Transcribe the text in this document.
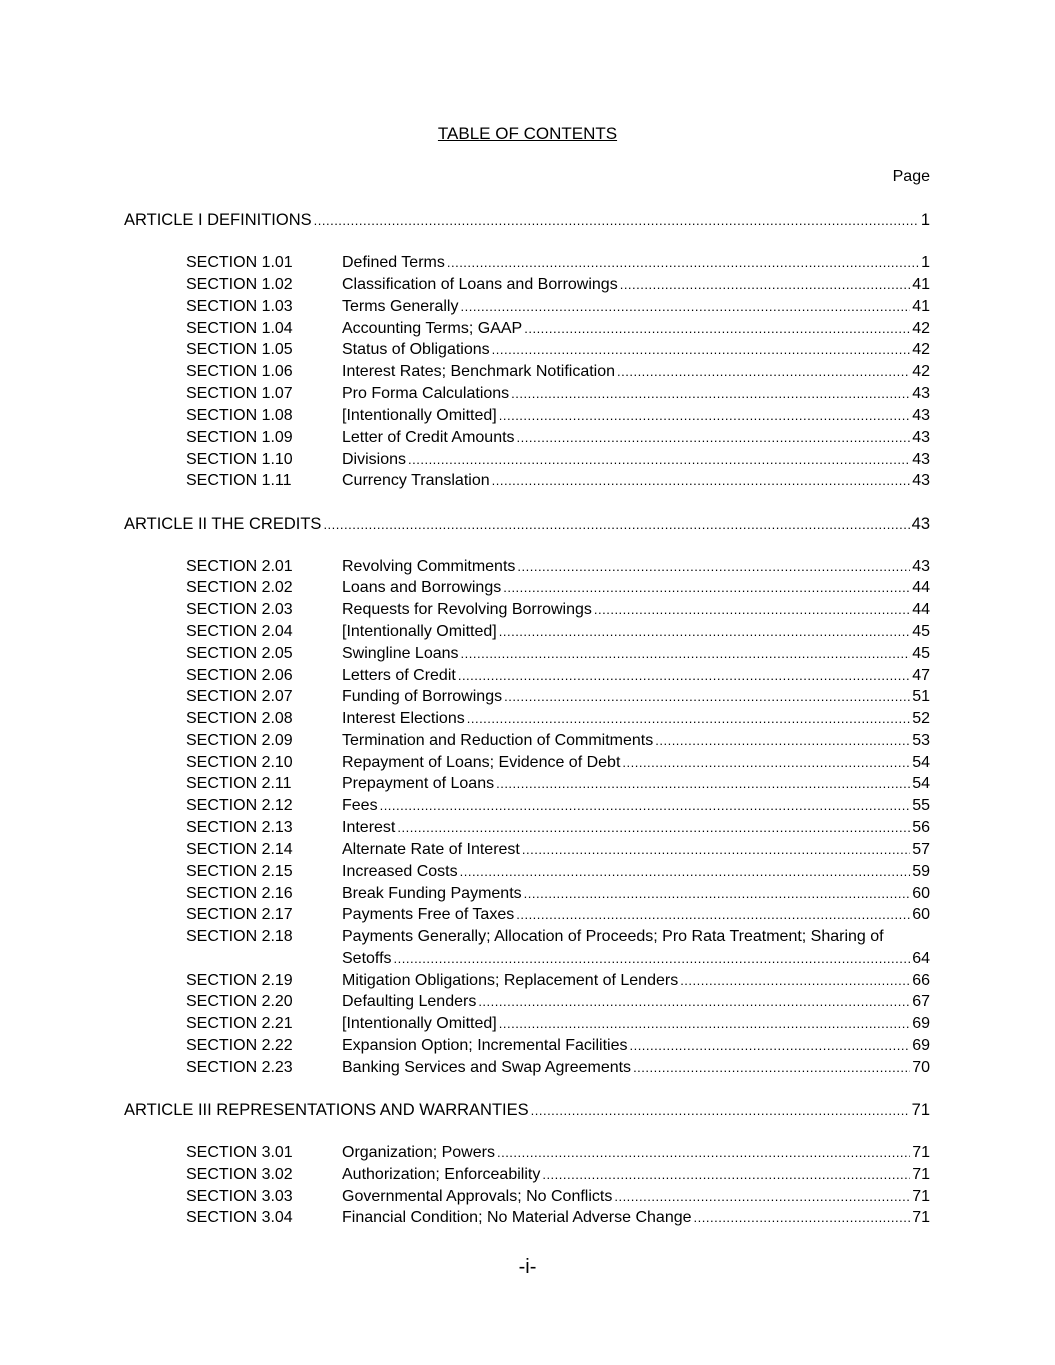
TABLE OF CONTENTS
Page
ARTICLE I DEFINITIONS .....	1
SECTION 1.01	Defined Terms .....	1
SECTION 1.02	Classification of Loans and Borrowings .....	41
SECTION 1.03	Terms Generally .....	41
SECTION 1.04	Accounting Terms; GAAP .....	42
SECTION 1.05	Status of Obligations .....	42
SECTION 1.06	Interest Rates; Benchmark Notification .....	42
SECTION 1.07	Pro Forma Calculations .....	43
SECTION 1.08	[Intentionally Omitted] .....	43
SECTION 1.09	Letter of Credit Amounts .....	43
SECTION 1.10	Divisions .....	43
SECTION 1.11	Currency Translation .....	43
ARTICLE II THE CREDITS .....	43
SECTION 2.01	Revolving Commitments .....	43
SECTION 2.02	Loans and Borrowings .....	44
SECTION 2.03	Requests for Revolving Borrowings .....	44
SECTION 2.04	[Intentionally Omitted] .....	45
SECTION 2.05	Swingline Loans .....	45
SECTION 2.06	Letters of Credit .....	47
SECTION 2.07	Funding of Borrowings .....	51
SECTION 2.08	Interest Elections .....	52
SECTION 2.09	Termination and Reduction of Commitments .....	53
SECTION 2.10	Repayment of Loans; Evidence of Debt .....	54
SECTION 2.11	Prepayment of Loans .....	54
SECTION 2.12	Fees .....	55
SECTION 2.13	Interest .....	56
SECTION 2.14	Alternate Rate of Interest .....	57
SECTION 2.15	Increased Costs .....	59
SECTION 2.16	Break Funding Payments .....	60
SECTION 2.17	Payments Free of Taxes .....	60
SECTION 2.18	Payments Generally; Allocation of Proceeds; Pro Rata Treatment; Sharing of
Setoffs .....	64
SECTION 2.19	Mitigation Obligations; Replacement of Lenders .....	66
SECTION 2.20	Defaulting Lenders .....	67
SECTION 2.21	[Intentionally Omitted] .....	69
SECTION 2.22	Expansion Option; Incremental Facilities .....	69
SECTION 2.23	Banking Services and Swap Agreements .....	70
ARTICLE III REPRESENTATIONS AND WARRANTIES .....	71
SECTION 3.01	Organization; Powers .....	71
SECTION 3.02	Authorization; Enforceability .....	71
SECTION 3.03	Governmental Approvals; No Conflicts .....	71
SECTION 3.04	Financial Condition; No Material Adverse Change .....	71
-i-
